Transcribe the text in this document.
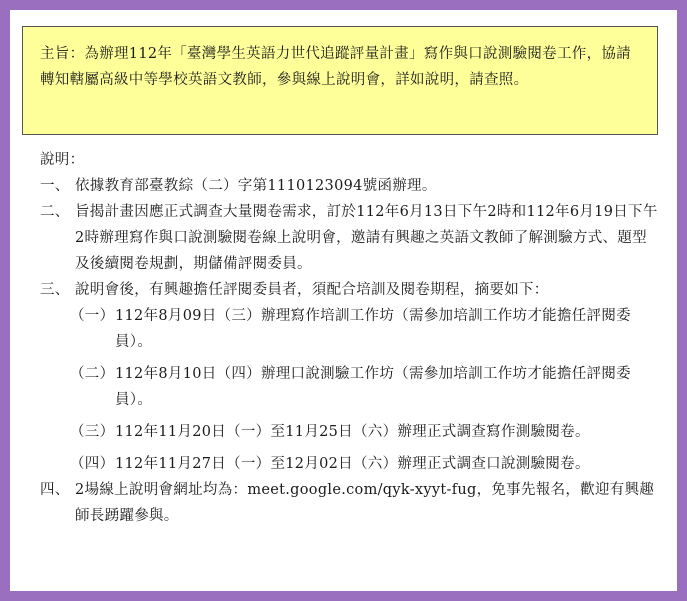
主旨：為辦理112年「臺灣學生英語力世代追蹤評量計畫」寫作與口說測驗閱卷工作，協請轉知轄屬高級中等學校英語文教師，參與線上說明會，詳如說明，請查照。
說明：
一、 依據教育部臺教綜（二）字第1110123094號函辦理。
二、 旨揭計畫因應正式調查大量閱卷需求，訂於112年6月13日下午2時和112年6月19日下午2時辦理寫作與口說測驗閱卷線上說明會，邀請有興趣之英語文教師了解測驗方式、題型及後續閱卷規劃，期儲備評閱委員。
三、 說明會後，有興趣擔任評閱委員者，須配合培訓及閱卷期程，摘要如下：
（一） 112年8月09日（三）辦理寫作培訓工作坊（需參加培訓工作坊才能擔任評閱委員）。
（二） 112年8月10日（四）辦理口說測驗工作坊（需參加培訓工作坊才能擔任評閱委員）。
（三） 112年11月20日（一）至11月25日（六）辦理正式調查寫作測驗閱卷。
（四） 112年11月27日（一）至12月02日（六）辦理正式調查口說測驗閱卷。
四、 2場線上說明會網址均為：meet.google.com/qyk-xyyt-fug，免事先報名，歡迎有興趣師長踴躍參與。
